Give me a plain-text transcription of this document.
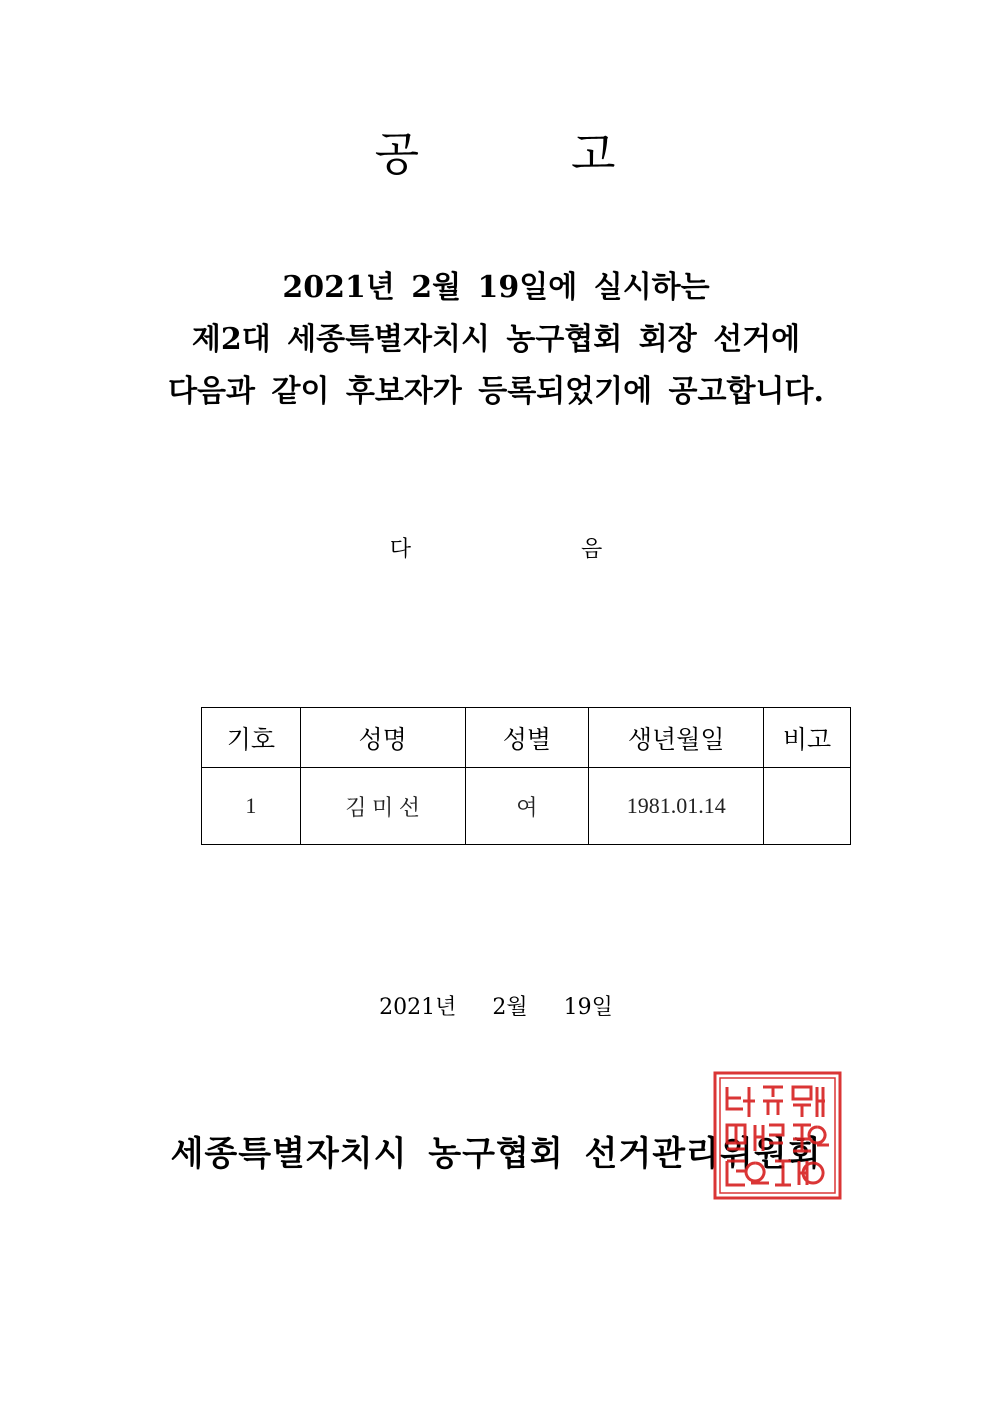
공	고
2021년 2월 19일에 실시하는
제2대 세종특별자치시 농구협회 회장 선거에
다음과 같이 후보자가 등록되었기에 공고합니다.
다	음
기호	성명	성별	생년월일	비고
1	김 미 선	여	1981.01.14	
2021년 2월 19일
세종특별자치시 농구협회 선거관리위원회
